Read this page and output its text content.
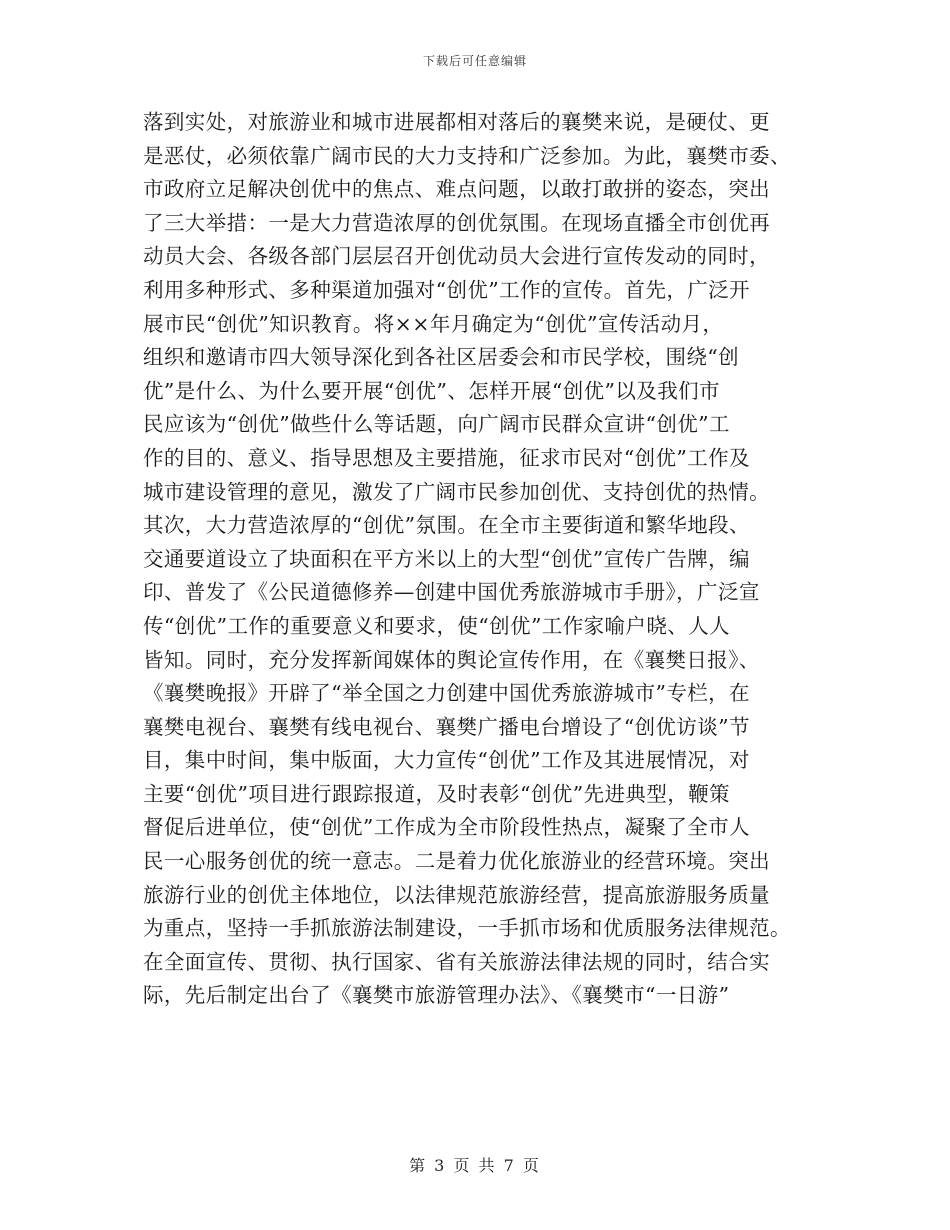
下载后可任意编辑
落到实处，对旅游业和城市进展都相对落后的襄樊来说，是硬仗、更
是恶仗，必须依靠广阔市民的大力支持和广泛参加。为此，襄樊市委、
市政府立足解决创优中的焦点、难点问题，以敢打敢拼的姿态，突出
了三大举措：一是大力营造浓厚的创优氛围。在现场直播全市创优再
动员大会、各级各部门层层召开创优动员大会进行宣传发动的同时，
利用多种形式、多种渠道加强对“创优”工作的宣传。首先，广泛开
展市民“创优”知识教育。将××年月确定为“创优”宣传活动月，
组织和邀请市四大领导深化到各社区居委会和市民学校，围绕“创
优”是什么、为什么要开展“创优”、怎样开展“创优”以及我们市
民应该为“创优”做些什么等话题，向广阔市民群众宣讲“创优”工
作的目的、意义、指导思想及主要措施，征求市民对“创优”工作及
城市建设管理的意见，激发了广阔市民参加创优、支持创优的热情。
其次，大力营造浓厚的“创优”氛围。在全市主要街道和繁华地段、
交通要道设立了块面积在平方米以上的大型“创优”宣传广告牌，编
印、普发了《公民道德修养—创建中国优秀旅游城市手册》，广泛宣
传“创优”工作的重要意义和要求，使“创优”工作家喻户晓、人人
皆知。同时，充分发挥新闻媒体的舆论宣传作用，在《襄樊日报》、
《襄樊晚报》开辟了“举全国之力创建中国优秀旅游城市”专栏，在
襄樊电视台、襄樊有线电视台、襄樊广播电台增设了“创优访谈”节
目，集中时间，集中版面，大力宣传“创优”工作及其进展情况，对
主要“创优”项目进行跟踪报道，及时表彰“创优”先进典型，鞭策
督促后进单位，使“创优”工作成为全市阶段性热点，凝聚了全市人
民一心服务创优的统一意志。二是着力优化旅游业的经营环境。突出
旅游行业的创优主体地位，以法律规范旅游经营，提高旅游服务质量
为重点，坚持一手抓旅游法制建设，一手抓市场和优质服务法律规范。
在全面宣传、贯彻、执行国家、省有关旅游法律法规的同时，结合实
际，先后制定出台了《襄樊市旅游管理办法》、《襄樊市“一日游”
第 3 页 共 7 页
